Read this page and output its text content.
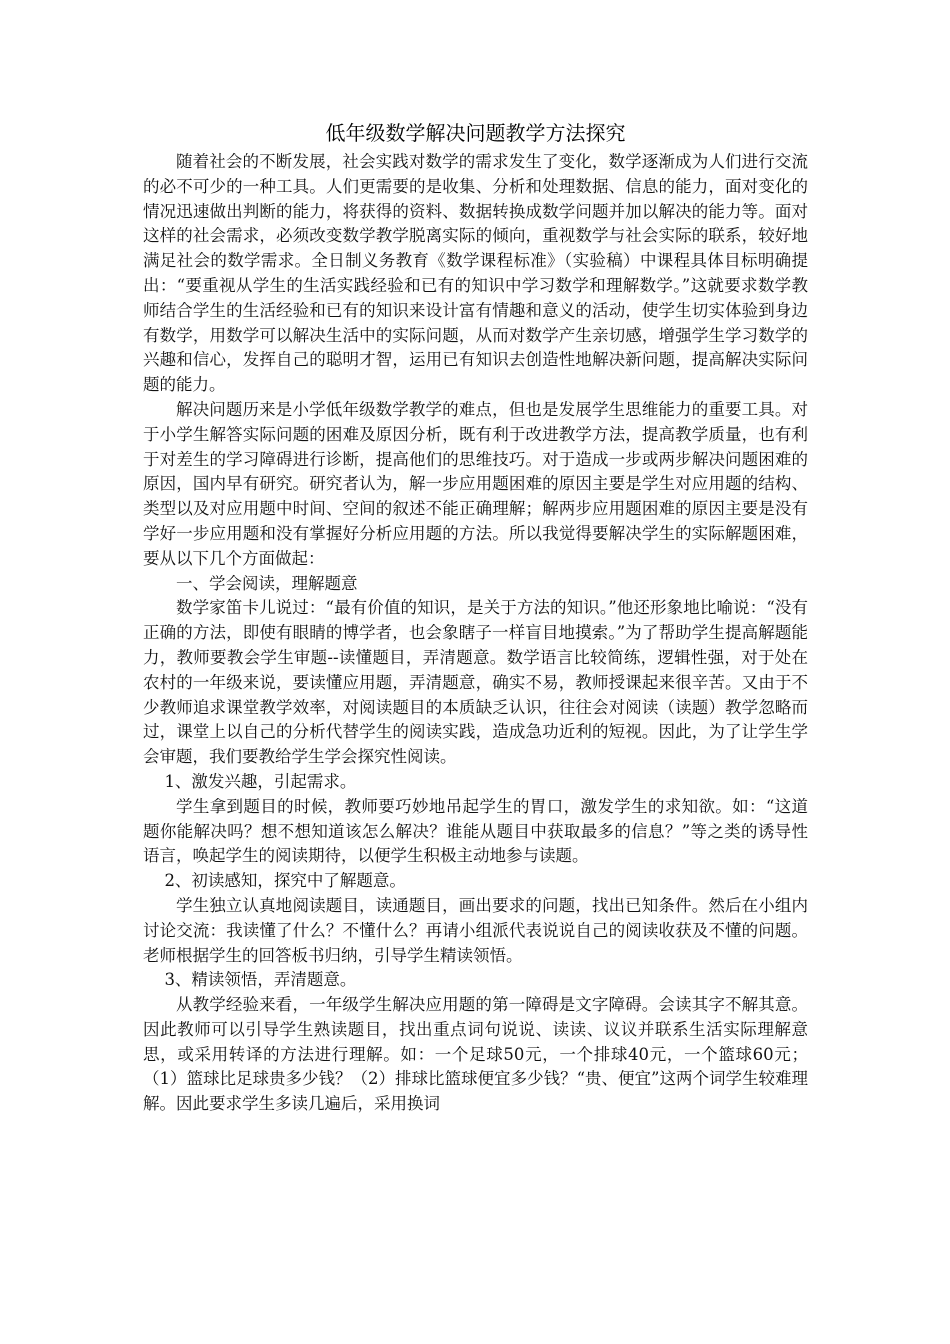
低年级数学解决问题教学方法探究

随着社会的不断发展，社会实践对数学的需求发生了变化，数学逐渐成为人们进行交流的必不可少的一种工具。人们更需要的是收集、分析和处理数据、信息的能力，面对变化的情况迅速做出判断的能力，将获得的资料、数据转换成数学问题并加以解决的能力等。面对这样的社会需求，必须改变数学教学脱离实际的倾向，重视数学与社会实际的联系，较好地满足社会的数学需求。全日制义务教育《数学课程标准》（实验稿）中课程具体目标明确提出：“要重视从学生的生活实践经验和已有的知识中学习数学和理解数学。”这就要求数学教师结合学生的生活经验和已有的知识来设计富有情趣和意义的活动，使学生切实体验到身边有数学，用数学可以解决生活中的实际问题，从而对数学产生亲切感，增强学生学习数学的兴趣和信心，发挥自己的聪明才智，运用已有知识去创造性地解决新问题，提高解决实际问题的能力。

解决问题历来是小学低年级数学教学的难点，但也是发展学生思维能力的重要工具。对于小学生解答实际问题的困难及原因分析，既有利于改进教学方法，提高教学质量，也有利于对差生的学习障碍进行诊断，提高他们的思维技巧。对于造成一步或两步解决问题困难的原因，国内早有研究。研究者认为，解一步应用题困难的原因主要是学生对应用题的结构、类型以及对应用题中时间、空间的叙述不能正确理解；解两步应用题困难的原因主要是没有学好一步应用题和没有掌握好分析应用题的方法。所以我觉得要解决学生的实际解题困难，要从以下几个方面做起：

一、学会阅读，理解题意

数学家笛卡儿说过：“最有价值的知识，是关于方法的知识。”他还形象地比喻说：“没有正确的方法，即使有眼睛的博学者，也会象瞎子一样盲目地摸索。”为了帮助学生提高解题能力，教师要教会学生审题--读懂题目，弄清题意。数学语言比较简练，逻辑性强，对于处在农村的一年级来说，要读懂应用题，弄清题意，确实不易，教师授课起来很辛苦。又由于不少教师追求课堂教学效率，对阅读题目的本质缺乏认识，往往会对阅读（读题）教学忽略而过，课堂上以自己的分析代替学生的阅读实践，造成急功近利的短视。因此，为了让学生学会审题，我们要教给学生学会探究性阅读。

1、激发兴趣，引起需求。

学生拿到题目的时候，教师要巧妙地吊起学生的胃口，激发学生的求知欲。如：“这道题你能解决吗？想不想知道该怎么解决？谁能从题目中获取最多的信息？”等之类的诱导性语言，唤起学生的阅读期待，以便学生积极主动地参与读题。

2、初读感知，探究中了解题意。

学生独立认真地阅读题目，读通题目，画出要求的问题，找出已知条件。然后在小组内讨论交流：我读懂了什么？不懂什么？再请小组派代表说说自己的阅读收获及不懂的问题。老师根据学生的回答板书归纳，引导学生精读领悟。

3、精读领悟，弄清题意。

从教学经验来看，一年级学生解决应用题的第一障碍是文字障碍。会读其字不解其意。因此教师可以引导学生熟读题目，找出重点词句说说、读读、议议并联系生活实际理解意思，或采用转译的方法进行理解。如：一个足球50元，一个排球40元，一个篮球60元；（1）篮球比足球贵多少钱？（2）排球比篮球便宜多少钱？“贵、便宜”这两个词学生较难理解。因此要求学生多读几遍后，采用换词
